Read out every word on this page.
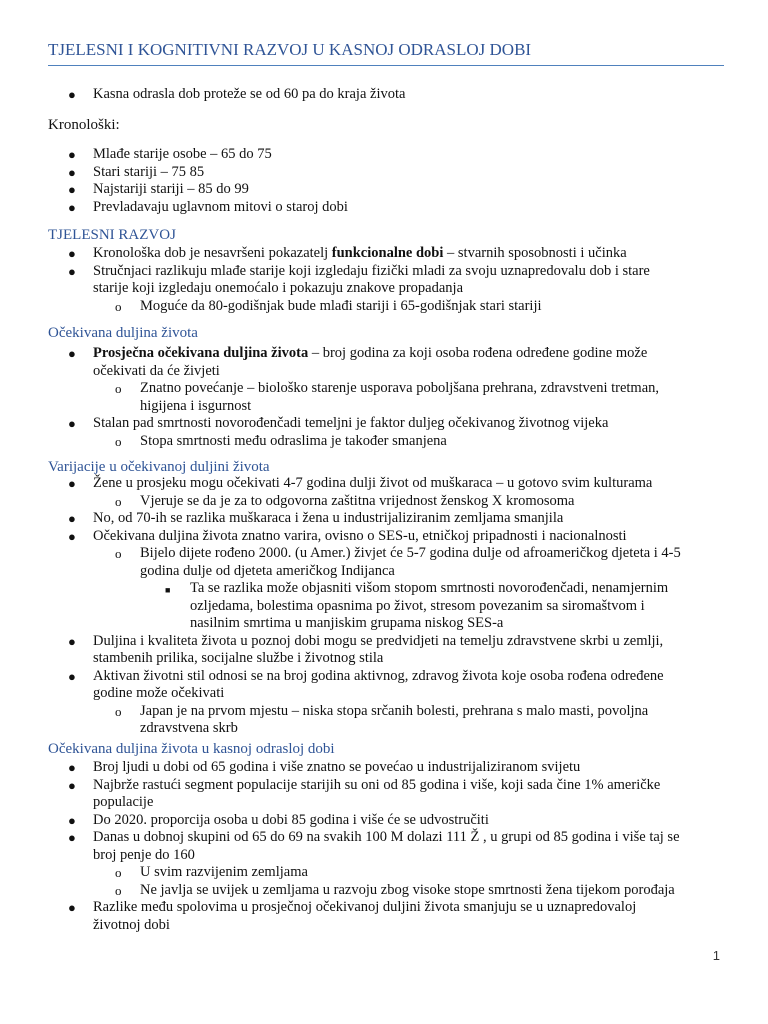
TJELESNI I KOGNITIVNI RAZVOJ U KASNOJ ODRASLOJ DOBI
●	Kasna odrasla dob proteže se od 60 pa do kraja života
Kronološki:
●	Mlađe starije osobe – 65 do 75
●	Stari stariji – 75 85
●	Najstariji stariji – 85 do 99
●	Prevladavaju uglavnom mitovi o staroj dobi
TJELESNI RAZVOJ
●	Kronološka dob je nesavršeni pokazatelj funkcionalne dobi – stvarnih sposobnosti i učinka
●	Stručnjaci razlikuju mlađe starije koji izgledaju fizički mladi za svoju uznapredovalu dob i stare
starije koji izgledaju onemoćalo i pokazuju znakove propadanja
o	Moguće da 80-godišnjak bude mlađi stariji i 65-godišnjak stari stariji
Očekivana duljina života
●	Prosječna očekivana duljina života – broj godina za koji osoba rođena određene godine može
očekivati da će živjeti
o	Znatno povećanje – biološko starenje usporava poboljšana prehrana, zdravstveni tretman,
higijena i isgurnost
●	Stalan pad smrtnosti novorođenčadi temeljni je faktor duljeg očekivanog životnog vijeka
o	Stopa smrtnosti među odraslima je također smanjena
Varijacije u očekivanoj duljini života
●	Žene u prosjeku mogu očekivati 4-7 godina dulji život od muškaraca – u gotovo svim kulturama
o	Vjeruje se da je za to odgovorna zaštitna vrijednost ženskog X kromosoma
●	No, od 70-ih se razlika muškaraca i žena u industrijaliziranim zemljama smanjila
●	Očekivana duljina života znatno varira, ovisno o SES-u, etničkoj pripadnosti i nacionalnosti
o	Bijelo dijete rođeno 2000. (u Amer.) živjet će 5-7 godina dulje od afroameričkog djeteta i 4-5
godina dulje od djeteta američkog Indijanca
■	Ta se razlika može objasniti višom stopom smrtnosti novorođenčadi, nenamjernim
ozljedama, bolestima opasnima po život, stresom povezanim sa siromaštvom i
nasilnim smrtima u manjiskim grupama niskog SES-a
●	Duljina i kvaliteta života u poznoj dobi mogu se predvidjeti na temelju zdravstvene skrbi u zemlji,
stambenih prilika, socijalne službe i životnog stila
●	Aktivan životni stil odnosi se na broj godina aktivnog, zdravog života koje osoba rođena određene
godine može očekivati
o	Japan je na prvom mjestu – niska stopa srčanih bolesti, prehrana s malo masti, povoljna
zdravstvena skrb
Očekivana duljina života u kasnoj odrasloj dobi
●	Broj ljudi u dobi od 65 godina i više znatno se povećao u industrijaliziranom svijetu
●	Najbrže rastući segment populacije starijih su oni od 85 godina i više, koji sada čine 1% američke
populacije
●	Do 2020. proporcija osoba u dobi 85 godina i više će se udvostručiti
●	Danas u dobnoj skupini od 65 do 69 na svakih 100 M dolazi 111 Ž , u grupi od 85 godina i više taj se
broj penje do 160
o	U svim razvijenim zemljama
o	Ne javlja se uvijek u zemljama u razvoju zbog visoke stope smrtnosti žena tijekom porođaja
●	Razlike među spolovima u prosječnoj očekivanoj duljini života smanjuju se u uznapredovaloj
životnoj dobi
1
